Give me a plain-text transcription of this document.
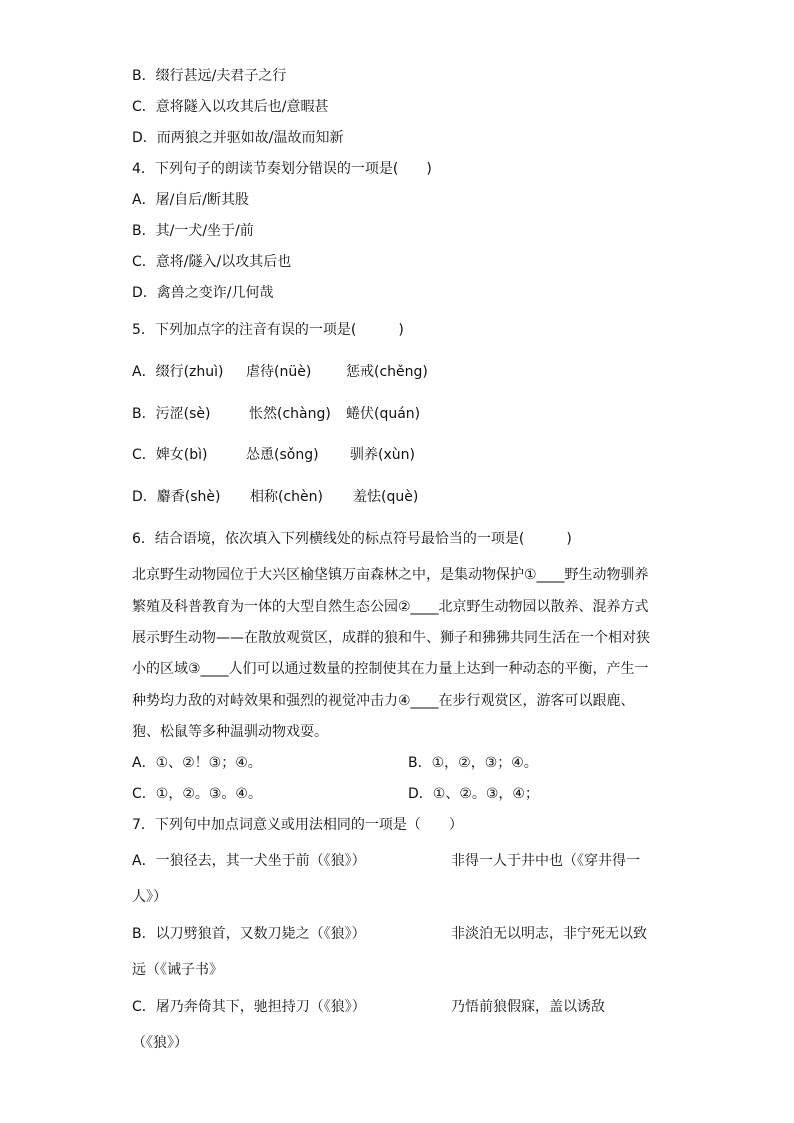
B．缀行甚远/夫君子之行
C．意将隧入以攻其后也/意暇甚
D．而两狼之并驱如故/温故而知新
4．下列句子的朗读节奏划分错误的一项是(　　)
A．屠/自后/断其股
B．其/一犬/坐于/前
C．意将/隧入/以攻其后也
D．禽兽之变诈/几何哉
5．下列加点字的注音有误的一项是(　　　)
A．缀行(zhuì) 虐待(nüè) 惩戒(chěng)
B．污涩(sè)	怅然(chàng) 蜷伏(quán)
C．婢女(bì)	怂恿(sǒng) 驯养(xùn)
D．麝香(shè) 相称(chèn) 羞怯(què)
6．结合语境，依次填入下列横线处的标点符号最恰当的一项是(　　　)
北京野生动物园位于大兴区榆垡镇万亩森林之中，是集动物保护①____野生动物驯养
繁殖及科普教育为一体的大型自然生态公园②____北京野生动物园以散养、混养方式
展示野生动物——在散放观赏区，成群的狼和牛、狮子和狒狒共同生活在一个相对狭
小的区域③____人们可以通过数量的控制使其在力量上达到一种动态的平衡，产生一
种势均力敌的对峙效果和强烈的视觉冲击力④____在步行观赏区，游客可以跟鹿、
狍、松鼠等多种温驯动物戏耍。
A．①、②！③；④。	B．①，②，③；④。
C．①，②。③。④。	D．①、②。③，④；
7．下列句中加点词意义或用法相同的一项是（　　）
A．一狼径去，其一犬坐于前（《狼》）	非得一人于井中也（《穿井得一
人》）
B．以刀劈狼首，又数刀毙之（《狼》）	非淡泊无以明志，非宁死无以致
远（《诫子书》
C．屠乃奔倚其下，驰担持刀（《狼》）	乃悟前狼假寐，盖以诱敌
（《狼》）
